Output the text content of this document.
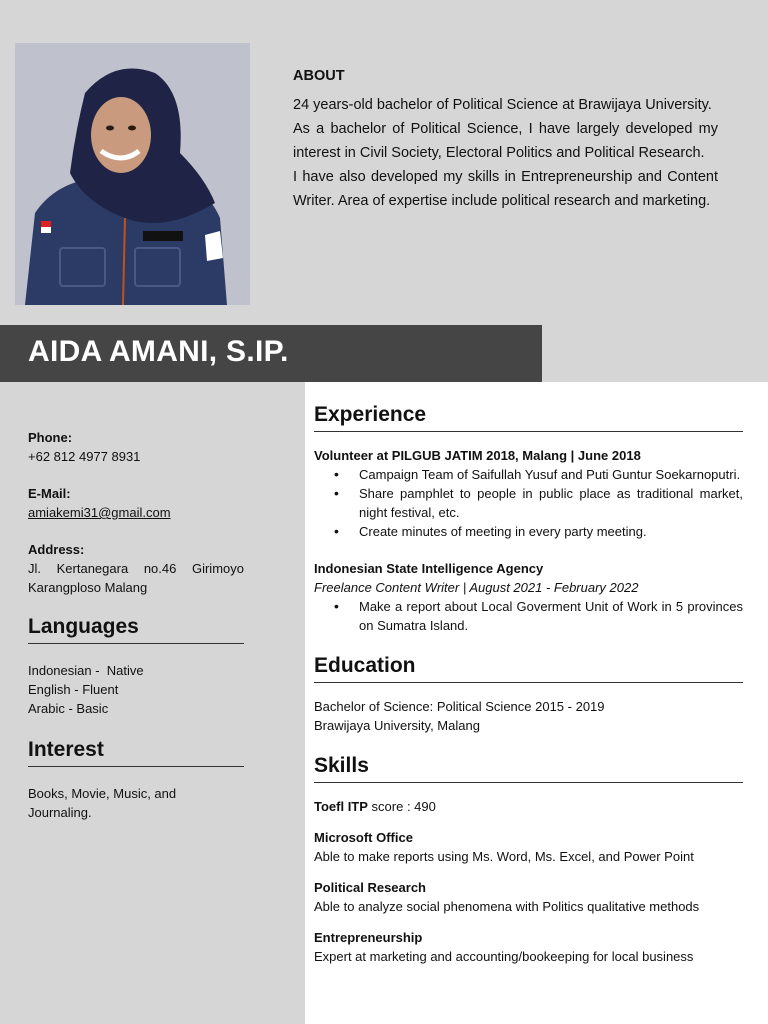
ABOUT

24 years-old bachelor of Political Science at Brawijaya University.

As a bachelor of Political Science, I have largely developed my interest in Civil Society, Electoral Politics and Political Research.

I have also developed my skills in Entrepreneurship and Content Writer. Area of expertise include political research and marketing.

AIDA AMANI, S.IP.

Phone:

+62 812 4977 8931

E-Mail:

amiakemi31@gmail.com

Address:

Jl. Kertanegara no.46 Girimoyo Karangploso Malang

Languages
Indonesian -  Native
English - Fluent
Arabic - Basic
Interest
Books, Movie, Music, and Journaling.
Experience

Volunteer at PILGUB JATIM 2018, Malang | June 2018

• Campaign Team of Saifullah Yusuf and Puti Guntur Soekarnoputri.
• Share pamphlet to people in public place as traditional market, night festival, etc.
• Create minutes of meeting in every party meeting.

Indonesian State Intelligence Agency

Freelance Content Writer | August 2021 - February 2022

• Make a report about Local Goverment Unit of Work in 5 provinces on Sumatra Island.
Education

Bachelor of Science: Political Science 2015 - 2019

Brawijaya University, Malang

Skills

Toefl ITP score : 490

Microsoft Office

Able to make reports using Ms. Word, Ms. Excel, and Power Point

Political Research

Able to analyze social phenomena with Politics qualitative methods

Entrepreneurship

Expert at marketing and accounting/bookeeping for local business
